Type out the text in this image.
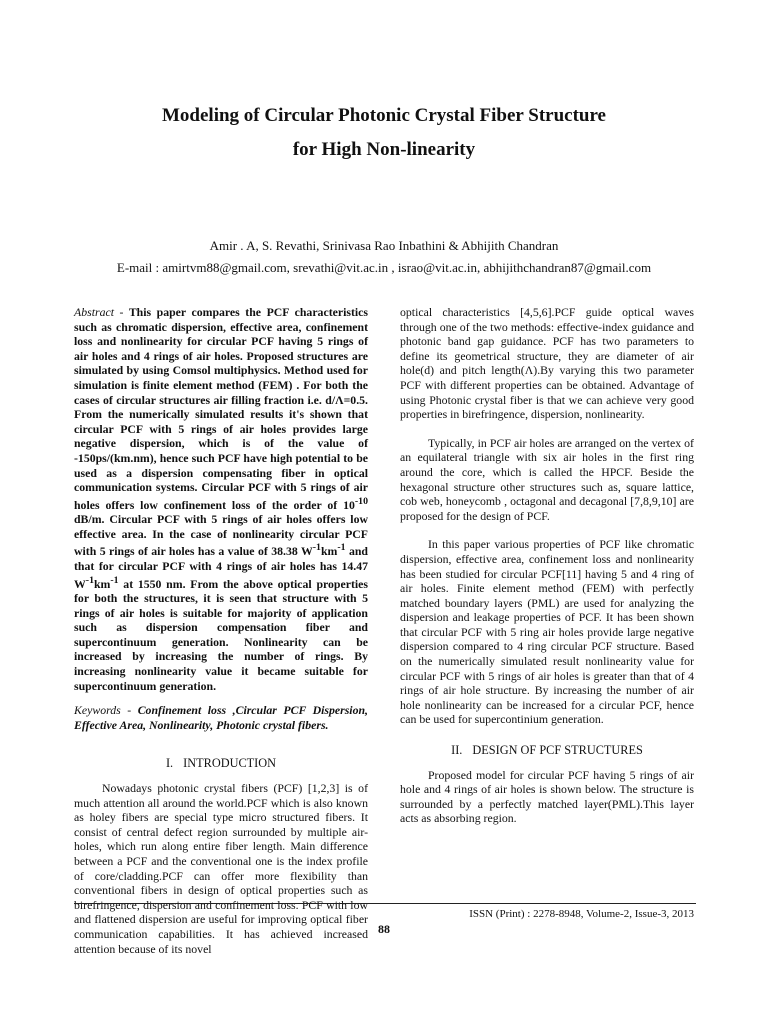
Modeling of Circular Photonic Crystal Fiber Structure
for High Non-linearity
Amir . A, S. Revathi, Srinivasa Rao Inbathini & Abhijith Chandran
E-mail : amirtvm88@gmail.com, srevathi@vit.ac.in , israo@vit.ac.in, abhijithchandran87@gmail.com

Abstract - This paper compares the PCF characteristics such as chromatic dispersion, effective area, confinement loss and nonlinearity for circular PCF having 5 rings of air holes and 4 rings of air holes. Proposed structures are simulated by using Comsol multiphysics. Method used for simulation is finite element method (FEM) . For both the cases of circular structures air filling fraction i.e. d/Λ=0.5. From the numerically simulated results it's shown that circular PCF with 5 rings of air holes provides large negative dispersion, which is of the value of -150ps/(km.nm), hence such PCF have high potential to be used as a dispersion compensating fiber in optical communication systems. Circular PCF with 5 rings of air holes offers low confinement loss of the order of $10^{-10}$ dB/m. Circular PCF with 5 rings of air holes offers low effective area. In the case of nonlinearity circular PCF with 5 rings of air holes has a value of 38.38 $W^{-1}km^{-1}$ and that for circular PCF with 4 rings of air holes has 14.47 $W^{-1}km^{-1}$ at 1550 nm. From the above optical properties for both the structures, it is seen that structure with 5 rings of air holes is suitable for majority of application such as dispersion compensation fiber and supercontinuum generation. Nonlinearity can be increased by increasing the number of rings. By increasing nonlinearity value it became suitable for supercontinuum generation.

Keywords - Confinement loss ,Circular PCF Dispersion, Effective Area, Nonlinearity, Photonic crystal fibers.

I. INTRODUCTION

Nowadays photonic crystal fibers (PCF) [1,2,3] is of much attention all around the world.PCF which is also known as holey fibers are special type micro structured fibers. It consist of central defect region surrounded by multiple air-holes, which run along entire fiber length. Main difference between a PCF and the conventional one is the index profile of core/cladding.PCF can offer more flexibility than conventional fibers in design of optical properties such as birefringence, dispersion and confinement loss. PCF with low and flattened dispersion are useful for improving optical fiber communication capabilities. It has achieved increased attention because of its novel

optical characteristics [4,5,6].PCF guide optical waves through one of the two methods: effective-index guidance and photonic band gap guidance. PCF has two parameters to define its geometrical structure, they are diameter of air hole(d) and pitch length(Λ).By varying this two parameter PCF with different properties can be obtained. Advantage of using Photonic crystal fiber is that we can achieve very good properties in birefringence, dispersion, nonlinearity.

Typically, in PCF air holes are arranged on the vertex of an equilateral triangle with six air holes in the first ring around the core, which is called the HPCF. Beside the hexagonal structure other structures such as, square lattice, cob web, honeycomb , octagonal and decagonal [7,8,9,10] are proposed for the design of PCF.

In this paper various properties of PCF like chromatic dispersion, effective area, confinement loss and nonlinearity has been studied for circular PCF[11] having 5 and 4 ring of air holes. Finite element method (FEM) with perfectly matched boundary layers (PML) are used for analyzing the dispersion and leakage properties of PCF. It has been shown that circular PCF with 5 ring air holes provide large negative dispersion compared to 4 ring circular PCF structure. Based on the numerically simulated result nonlinearity value for circular PCF with 5 rings of air holes is greater than that of 4 rings of air hole structure. By increasing the number of air hole nonlinearity can be increased for a circular PCF, hence can be used for supercontinium generation.

II. DESIGN OF PCF STRUCTURES

Proposed model for circular PCF having 5 rings of air hole and 4 rings of air holes is shown below. The structure is surrounded by a perfectly matched layer(PML).This layer acts as absorbing region.

ISSN (Print) : 2278-8948, Volume-2, Issue-3, 2013
88
